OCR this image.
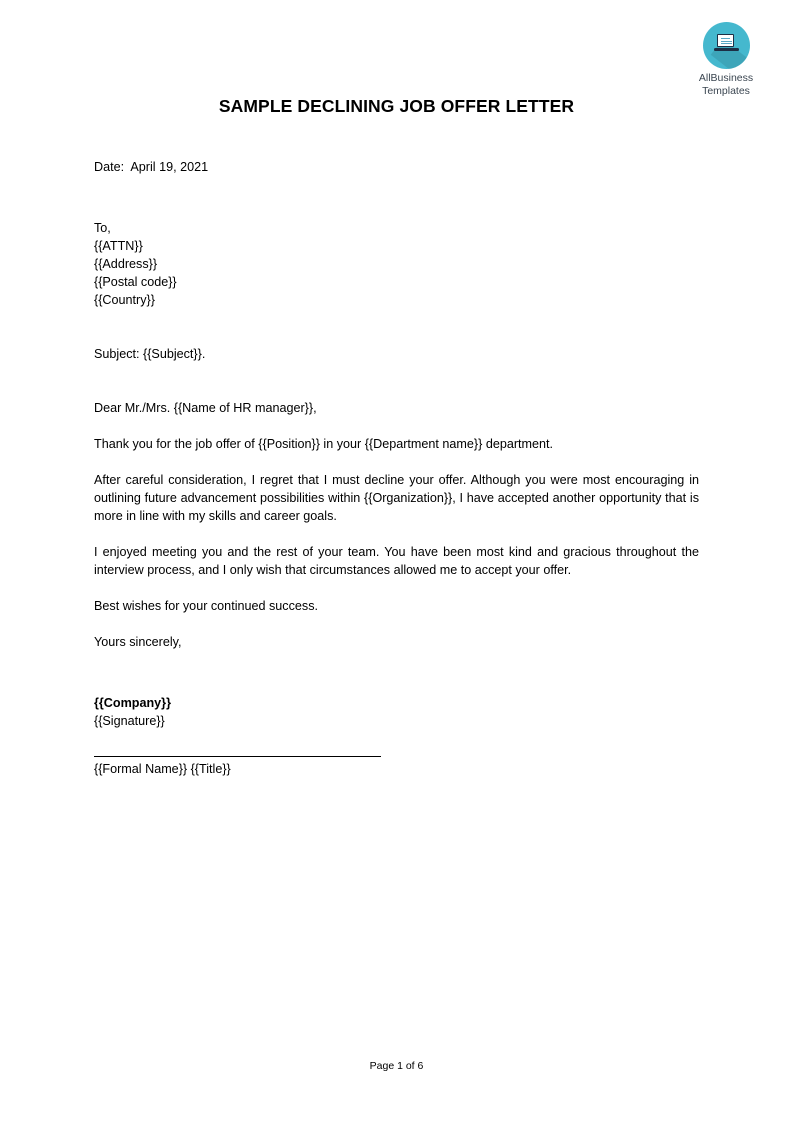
AllBusiness
Templates
SAMPLE DECLINING JOB OFFER LETTER
Date:  April 19, 2021
To,
{{ATTN}}
{{Address}}
{{Postal code}}
{{Country}}
Subject: {{Subject}}.
Dear Mr./Mrs. {{Name of HR manager}},

Thank you for the job offer of {{Position}} in your {{Department name}} department.

After careful consideration, I regret that I must decline your offer. Although you were most encouraging in outlining future advancement possibilities within {{Organization}}, I have accepted another opportunity that is more in line with my skills and career goals.

I enjoyed meeting you and the rest of your team. You have been most kind and gracious throughout the interview process, and I only wish that circumstances allowed me to accept your offer.

Best wishes for your continued success.

Yours sincerely,
{{Company}}
{{Signature}}
{{Formal Name}} {{Title}}
Page 1 of 6
